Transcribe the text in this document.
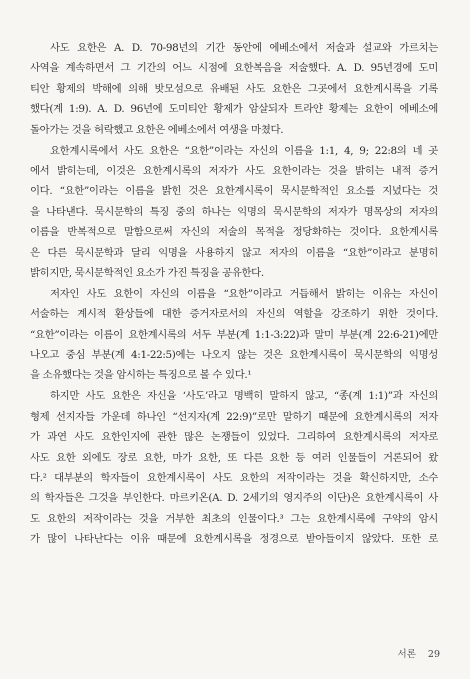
사도 요한은 A. D. 70-98년의 기간 동안에 에베소에서 저술과 설교와 가르치는
사역을 계속하면서 그 기간의 어느 시점에 요한복음을 저술했다. A. D. 95년경에 도미
티안 황제의 박해에 의해 밧모섬으로 유배된 사도 요한은 그곳에서 요한계시록을 기록
했다(계 1:9). A. D. 96년에 도미티안 황제가 암살되자 트라얀 황제는 요한이 에베소에
돌아가는 것을 허락했고 요한은 에베소에서 여생을 마쳤다.
요한계시록에서 사도 요한은 “요한”이라는 자신의 이름을 1:1, 4, 9; 22:8의 네 곳
에서 밝히는데, 이것은 요한계시록의 저자가 사도 요한이라는 것을 밝히는 내적 증거
이다. “요한”이라는 이름을 밝힌 것은 요한계시록이 묵시문학적인 요소를 지녔다는 것
을 나타낸다. 묵시문학의 특징 중의 하나는 익명의 묵시문학의 저자가 명목상의 저자의
이름을 반복적으로 말함으로써 자신의 저술의 목적을 정당화하는 것이다. 요한계시록
은 다른 묵시문학과 달리 익명을 사용하지 않고 저자의 이름을 “요한”이라고 분명히
밝히지만, 묵시문학적인 요소가 가진 특징을 공유한다.
저자인 사도 요한이 자신의 이름을 “요한”이라고 거듭해서 밝히는 이유는 자신이
서술하는 계시적 환상들에 대한 증거자로서의 자신의 역할을 강조하기 위한 것이다.
“요한”이라는 이름이 요한계시록의 서두 부분(계 1:1-3:22)과 말미 부분(계 22:6-21)에만
나오고 중심 부분(계 4:1-22:5)에는 나오지 않는 것은 요한계시록이 묵시문학의 익명성
을 소유했다는 것을 암시하는 특징으로 볼 수 있다.¹
하지만 사도 요한은 자신을 ‘사도’라고 명백히 말하지 않고, “종(계 1:1)”과 자신의
형제 선지자들 가운데 하나인 “선지자(계 22:9)”로만 말하기 때문에 요한계시록의 저자
가 과연 사도 요한인지에 관한 많은 논쟁들이 있었다. 그리하여 요한계시록의 저자로
사도 요한 외에도 장로 요한, 마가 요한, 또 다른 요한 등 여러 인물들이 거론되어 왔
다.² 대부분의 학자들이 요한계시록이 사도 요한의 저작이라는 것을 확신하지만, 소수
의 학자들은 그것을 부인한다. 마르키온(A. D. 2세기의 영지주의 이단)은 요한계시록이 사
도 요한의 저작이라는 것을 거부한 최초의 인물이다.³ 그는 요한계시록에 구약의 암시
가 많이 나타난다는 이유 때문에 요한계시록을 정경으로 받아들이지 않았다. 또한 로
서론 29
